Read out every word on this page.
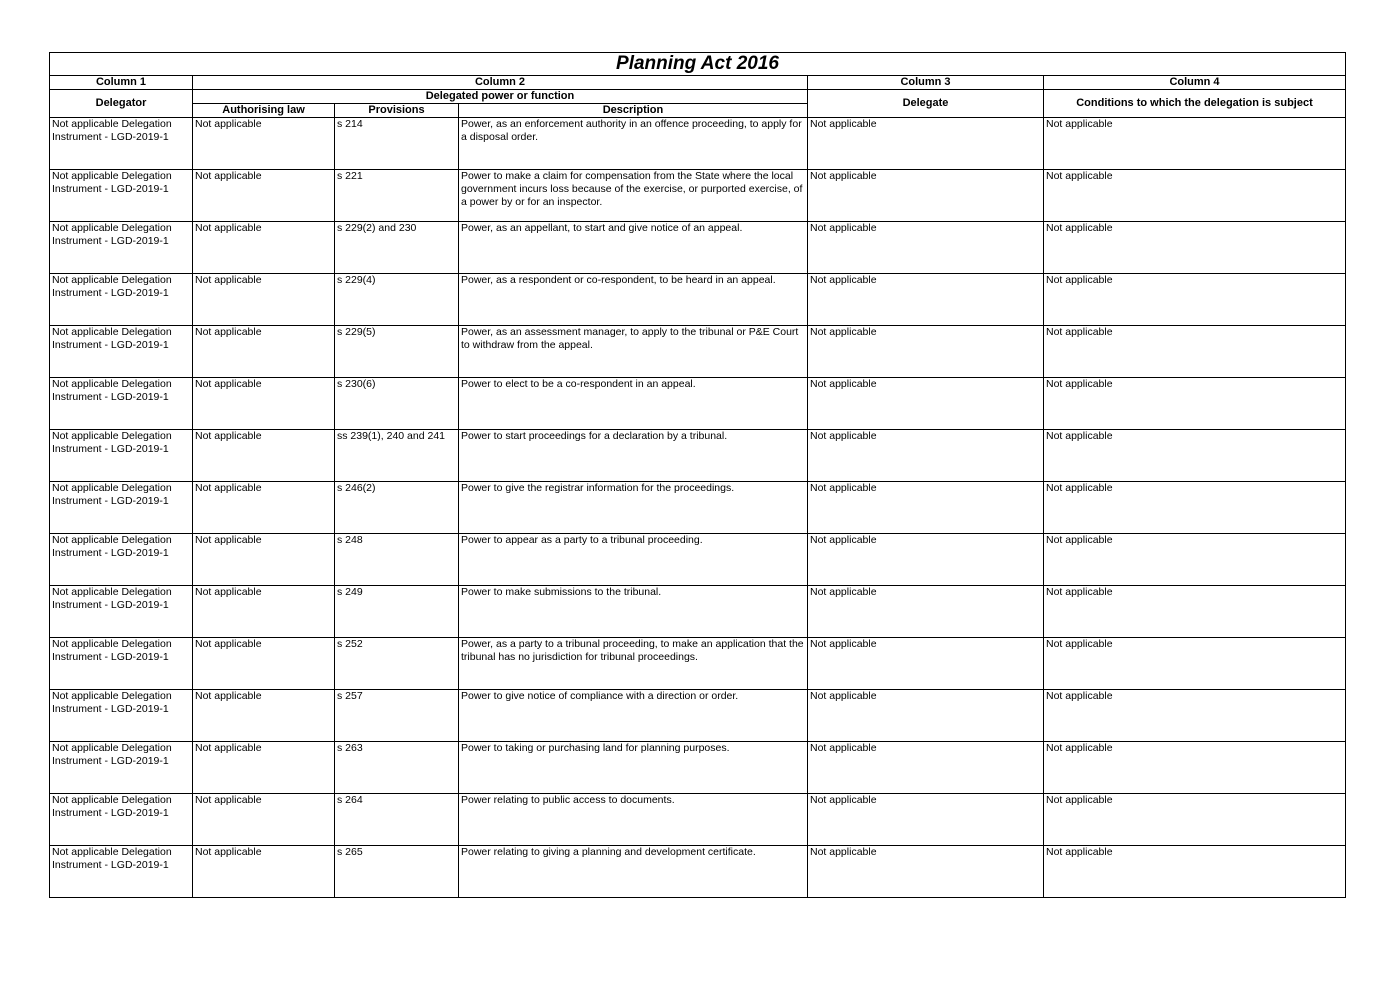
Planning Act 2016					
Column 1	Column 2			Column 3	Column 4
Delegator	Delegated power or function			Delegate	Conditions to which the delegation is subject
	Authorising law	Provisions	Description		
Not applicable Delegation Instrument - LGD-2019-1	Not applicable	s 214	Power, as an enforcement authority in an offence proceeding, to apply for a disposal order.	Not applicable	Not applicable
Not applicable Delegation Instrument - LGD-2019-1	Not applicable	s 221	Power to make a claim for compensation from the State where the local government incurs loss because of the exercise, or purported exercise, of a power by or for an inspector.	Not applicable	Not applicable
Not applicable Delegation Instrument - LGD-2019-1	Not applicable	s 229(2) and 230	Power, as an appellant, to start and give notice of an appeal.	Not applicable	Not applicable
Not applicable Delegation Instrument - LGD-2019-1	Not applicable	s 229(4)	Power, as a respondent or co-respondent, to be heard in an appeal.	Not applicable	Not applicable
Not applicable Delegation Instrument - LGD-2019-1	Not applicable	s 229(5)	Power, as an assessment manager, to apply to the tribunal or P&E Court to withdraw from the appeal.	Not applicable	Not applicable
Not applicable Delegation Instrument - LGD-2019-1	Not applicable	s 230(6)	Power to elect to be a co-respondent in an appeal.	Not applicable	Not applicable
Not applicable Delegation Instrument - LGD-2019-1	Not applicable	ss 239(1), 240 and 241	Power to start proceedings for a declaration by a tribunal.	Not applicable	Not applicable
Not applicable Delegation Instrument - LGD-2019-1	Not applicable	s 246(2)	Power to give the registrar information for the proceedings.	Not applicable	Not applicable
Not applicable Delegation Instrument - LGD-2019-1	Not applicable	s 248	Power to appear as a party to a tribunal proceeding.	Not applicable	Not applicable
Not applicable Delegation Instrument - LGD-2019-1	Not applicable	s 249	Power to make submissions to the tribunal.	Not applicable	Not applicable
Not applicable Delegation Instrument - LGD-2019-1	Not applicable	s 252	Power, as a party to a tribunal proceeding, to make an application that the tribunal has no jurisdiction for tribunal proceedings.	Not applicable	Not applicable
Not applicable Delegation Instrument - LGD-2019-1	Not applicable	s 257	Power to give notice of compliance with a direction or order.	Not applicable	Not applicable
Not applicable Delegation Instrument - LGD-2019-1	Not applicable	s 263	Power to taking or purchasing land for planning purposes.	Not applicable	Not applicable
Not applicable Delegation Instrument - LGD-2019-1	Not applicable	s 264	Power relating to public access to documents.	Not applicable	Not applicable
Not applicable Delegation Instrument - LGD-2019-1	Not applicable	s 265	Power relating to giving a planning and development certificate.	Not applicable	Not applicable
